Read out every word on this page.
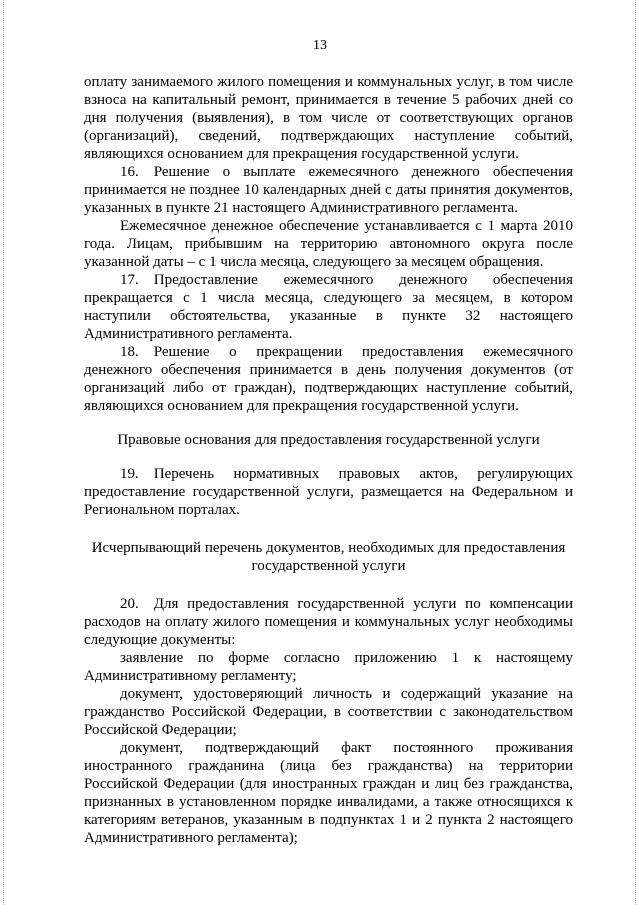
13

оплату занимаемого жилого помещения и коммунальных услуг, в том числе взноса на капитальный ремонт, принимается в течение 5 рабочих дней со дня получения (выявления), в том числе от соответствующих органов (организаций), сведений, подтверждающих наступление событий, являющихся основанием для прекращения государственной услуги.

16. Решение о выплате ежемесячного денежного обеспечения принимается не позднее 10 календарных дней с даты принятия документов, указанных в пункте 21 настоящего Административного регламента.

Ежемесячное денежное обеспечение устанавливается с 1 марта 2010 года. Лицам, прибывшим на территорию автономного округа после указанной даты – с 1 числа месяца, следующего за месяцем обращения.

17. Предоставление ежемесячного денежного обеспечения прекращается с 1 числа месяца, следующего за месяцем, в котором наступили обстоятельства, указанные в пункте 32 настоящего Административного регламента.

18. Решение о прекращении предоставления ежемесячного денежного обеспечения принимается в день получения документов (от организаций либо от граждан), подтверждающих наступление событий, являющихся основанием для прекращения государственной услуги.

Правовые основания для предоставления государственной услуги

19. Перечень нормативных правовых актов, регулирующих предоставление государственной услуги, размещается на Федеральном и Региональном порталах.

Исчерпывающий перечень документов, необходимых для предоставления государственной услуги

20. Для предоставления государственной услуги по компенсации расходов на оплату жилого помещения и коммунальных услуг необходимы следующие документы:

заявление по форме согласно приложению 1 к настоящему Административному регламенту;

документ, удостоверяющий личность и содержащий указание на гражданство Российской Федерации, в соответствии с законодательством Российской Федерации;

документ, подтверждающий факт постоянного проживания иностранного гражданина (лица без гражданства) на территории Российской Федерации (для иностранных граждан и лиц без гражданства, признанных в установленном порядке инвалидами, а также относящихся к категориям ветеранов, указанным в подпунктах 1 и 2 пункта 2 настоящего Административного регламента);
